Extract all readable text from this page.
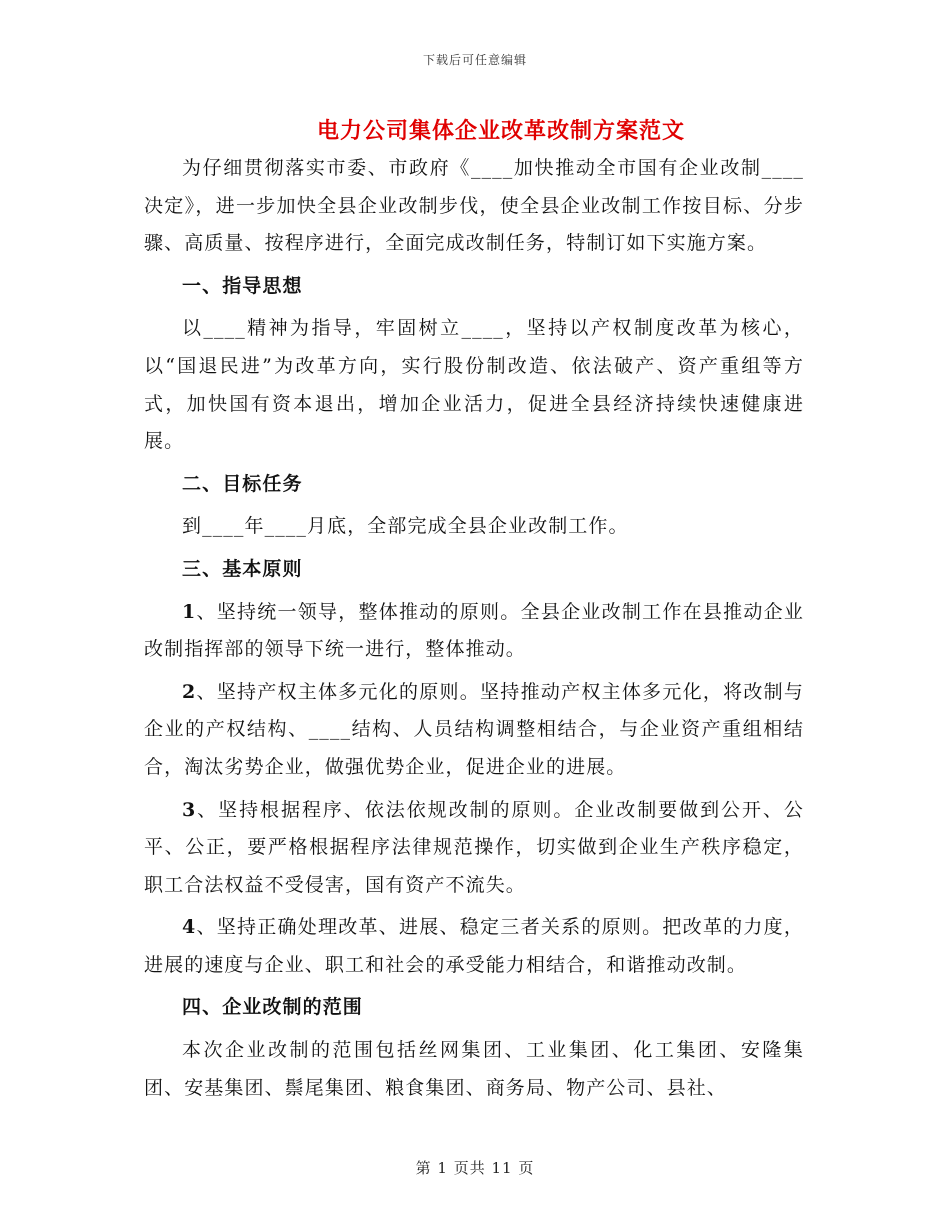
下载后可任意编辑
电力公司集体企业改革改制方案范文

为仔细贯彻落实市委、市政府《____加快推动全市国有企业改制____决定》，进一步加快全县企业改制步伐，使全县企业改制工作按目标、分步骤、高质量、按程序进行，全面完成改制任务，特制订如下实施方案。

一、指导思想

以____精神为指导，牢固树立____，坚持以产权制度改革为核心，以“国退民进”为改革方向，实行股份制改造、依法破产、资产重组等方式，加快国有资本退出，增加企业活力，促进全县经济持续快速健康进展。

二、目标任务

到____年____月底，全部完成全县企业改制工作。

三、基本原则

1、坚持统一领导，整体推动的原则。全县企业改制工作在县推动企业改制指挥部的领导下统一进行，整体推动。

2、坚持产权主体多元化的原则。坚持推动产权主体多元化，将改制与企业的产权结构、____结构、人员结构调整相结合，与企业资产重组相结合，淘汰劣势企业，做强优势企业，促进企业的进展。

3、坚持根据程序、依法依规改制的原则。企业改制要做到公开、公平、公正，要严格根据程序法律规范操作，切实做到企业生产秩序稳定，职工合法权益不受侵害，国有资产不流失。

4、坚持正确处理改革、进展、稳定三者关系的原则。把改革的力度，进展的速度与企业、职工和社会的承受能力相结合，和谐推动改制。

四、企业改制的范围

本次企业改制的范围包括丝网集团、工业集团、化工集团、安隆集团、安基集团、鬃尾集团、粮食集团、商务局、物产公司、县社、

第 1 页共 11 页
